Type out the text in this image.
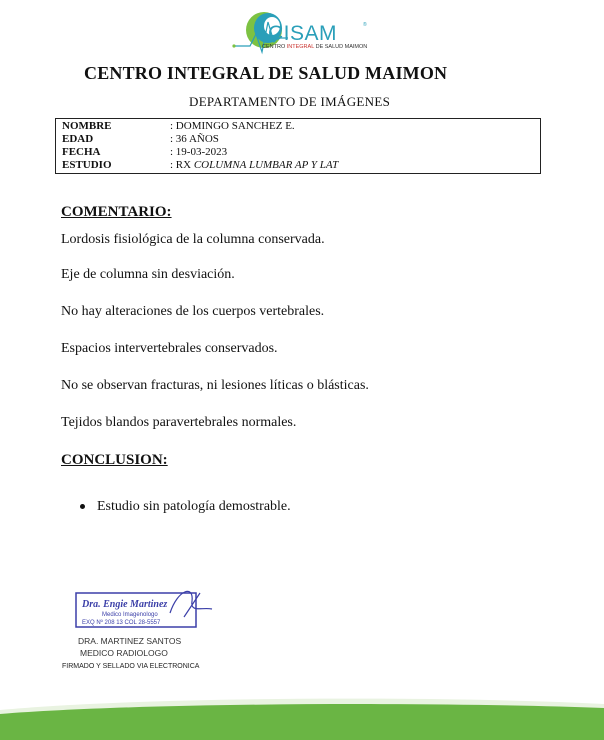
CISAM	®
CENTRO INTEGRAL DE SALUD MAIMON
CENTRO INTEGRAL DE SALUD MAIMON
DEPARTAMENTO DE IMÁGENES
NOMBRE	: DOMINGO SANCHEZ E.
EDAD	: 36 AÑOS
FECHA	: 19-03-2023
ESTUDIO	: RX COLUMNA LUMBAR AP Y LAT
COMENTARIO:
Lordosis fisiológica de la columna conservada.
Eje de columna sin desviación.
No hay alteraciones de los cuerpos vertebrales.
Espacios intervertebrales conservados.
No se observan fracturas, ni lesiones líticas o blásticas.
Tejidos blandos paravertebrales normales.
CONCLUSION:
Estudio sin patología demostrable.
Dra. Engie Martinez
Medico Imagenologo
EXQ Nº 208 13 COL 28-5557
DRA. MARTINEZ SANTOS
MEDICO RADIOLOGO
FIRMADO Y SELLADO VIA ELECTRONICA
